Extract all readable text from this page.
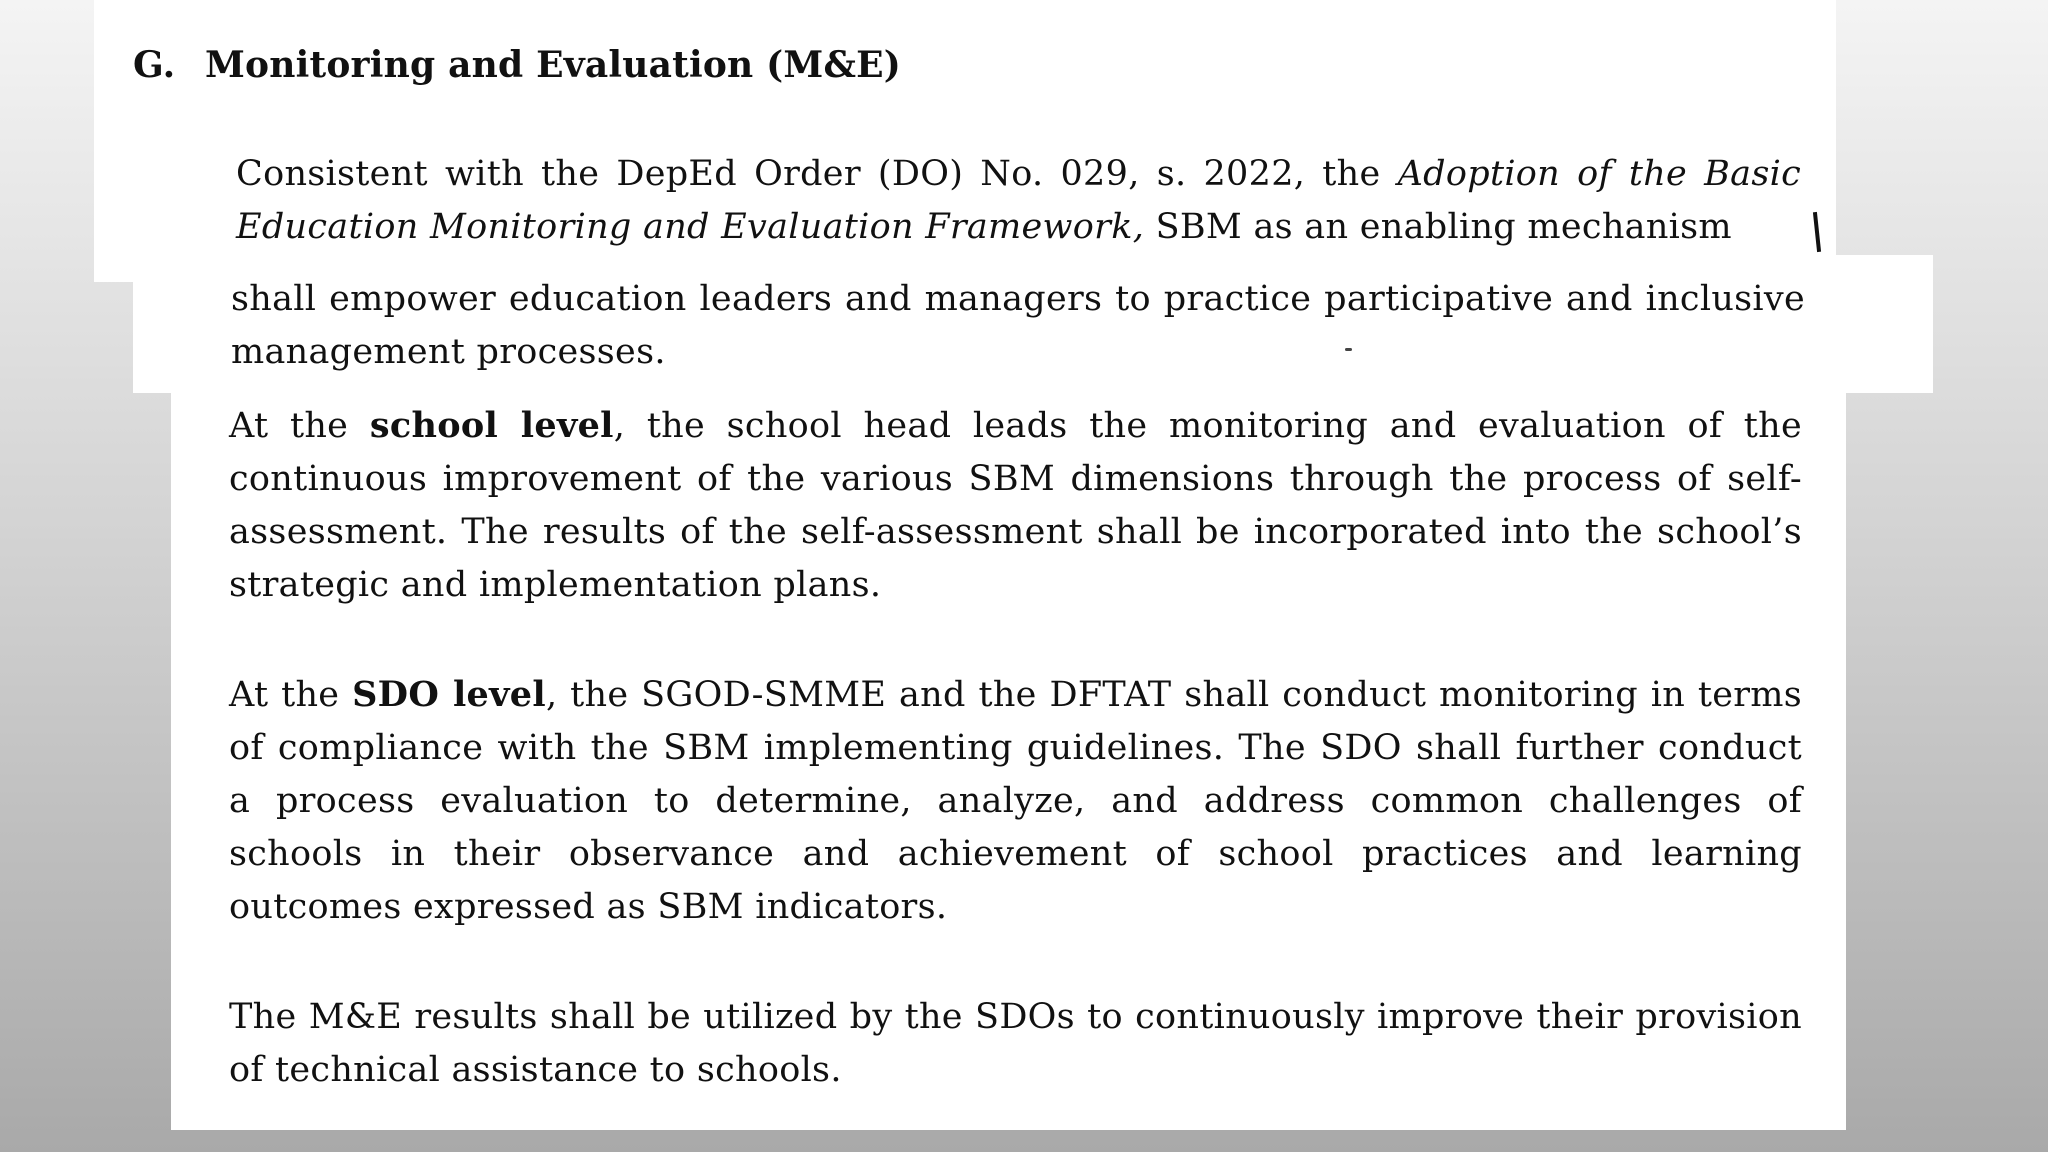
G. Monitoring and Evaluation (M&E)

Consistent with the DepEd Order (DO) No. 029, s. 2022, the Adoption of the Basic Education Monitoring and Evaluation Framework, SBM as an enabling mechanism

shall empower education leaders and managers to practice participative and inclusive management processes.

At the school level, the school head leads the monitoring and evaluation of the continuous improvement of the various SBM dimensions through the process of self-assessment. The results of the self-assessment shall be incorporated into the school’s strategic and implementation plans.

At the SDO level, the SGOD-SMME and the DFTAT shall conduct monitoring in terms of compliance with the SBM implementing guidelines. The SDO shall further conduct a process evaluation to determine, analyze, and address common challenges of schools in their observance and achievement of school practices and learning outcomes expressed as SBM indicators.

The M&E results shall be utilized by the SDOs to continuously improve their provision of technical assistance to schools.
